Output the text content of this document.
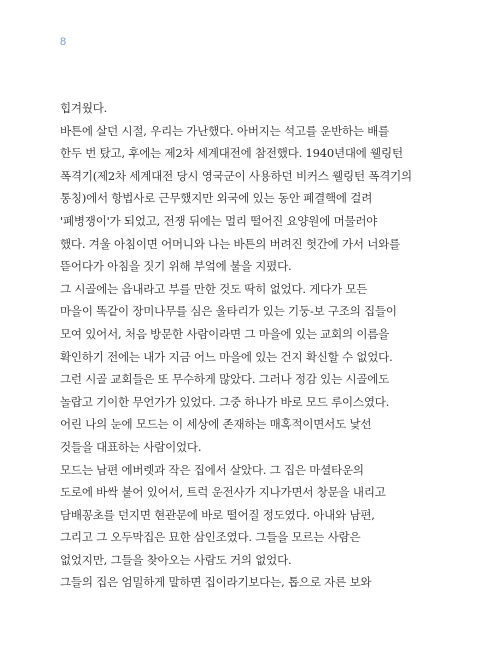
8
힙겨웠다.
바튼에 살던 시절, 우리는 가난했다. 아버지는 석고를 운반하는 배를
한두 번 탔고, 후에는 제2차 세계대전에 참전했다. 1940년대에 웰링턴
폭격기(제2차 세계대전 당시 영국군이 사용하던 비커스 웰링턴 폭격기의
통칭)에서 항법사로 근무했지만 외국에 있는 동안 폐결핵에 걸려
'폐병쟁이'가 되었고, 전쟁 뒤에는 멀리 떨어진 요양원에 머물러야
했다. 겨울 아침이면 어머니와 나는 바튼의 버려진 헛간에 가서 너와를
뜯어다가 아침을 짓기 위해 부엌에 불을 지폈다.
그 시골에는 읍내라고 부를 만한 것도 딱히 없었다. 게다가 모든
마을이 똑같이 장미나무를 심은 울타리가 있는 기둥-보 구조의 집들이
모여 있어서, 처음 방문한 사람이라면 그 마을에 있는 교회의 이름을
확인하기 전에는 내가 지금 어느 마을에 있는 건지 확신할 수 없었다.
그런 시골 교회들은 또 무수하게 많았다. 그러나 정감 있는 시골에도
놀랍고 기이한 무언가가 있었다. 그중 하나가 바로 모드 루이스였다.
어린 나의 눈에 모드는 이 세상에 존재하는 매혹적이면서도 낯선
것들을 대표하는 사람이었다.
모드는 남편 에버렛과 작은 집에서 살았다. 그 집은 마셜타운의
도로에 바싹 붙어 있어서, 트럭 운전사가 지나가면서 창문을 내리고
담배꽁초를 던지면 현관문에 바로 떨어질 정도였다. 아내와 남편,
그리고 그 오두막집은 묘한 삼인조였다. 그들을 모르는 사람은
없었지만, 그들을 찾아오는 사람도 거의 없었다.
그들의 집은 엄밀하게 말하면 집이라기보다는, 톱으로 자른 보와
